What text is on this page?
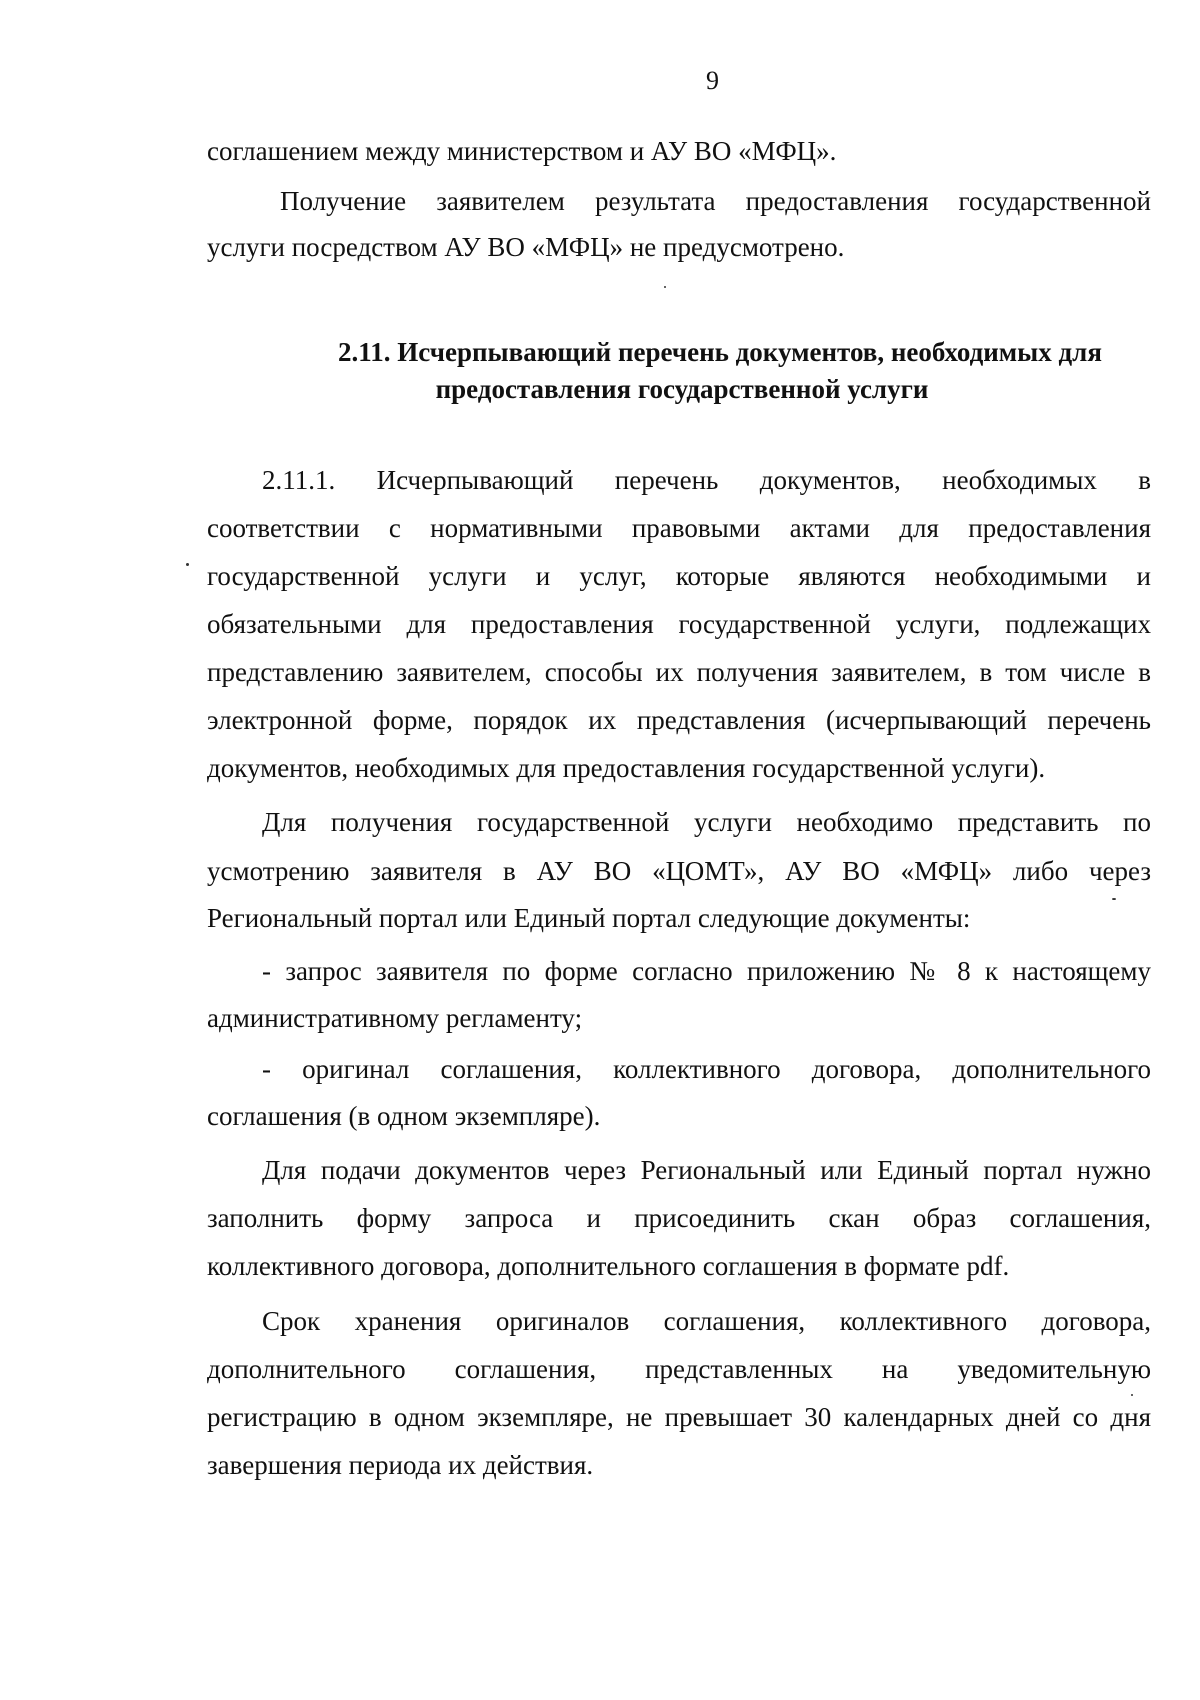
9
соглашением между министерством и АУ ВО «МФЦ».
Получение заявителем результата предоставления государственной
услуги посредством АУ ВО «МФЦ» не предусмотрено.
2.11. Исчерпывающий перечень документов, необходимых для
предоставления государственной услуги
2.11.1. Исчерпывающий перечень документов, необходимых в
соответствии с нормативными правовыми актами для предоставления
государственной услуги и услуг, которые являются необходимыми и
обязательными для предоставления государственной услуги, подлежащих
представлению заявителем, способы их получения заявителем, в том числе в
электронной форме, порядок их представления (исчерпывающий перечень
документов, необходимых для предоставления государственной услуги).
Для получения государственной услуги необходимо представить по
усмотрению заявителя в АУ ВО «ЦОМТ», АУ ВО «МФЦ» либо через
Региональный портал или Единый портал следующие документы:
- запрос заявителя по форме согласно приложению № 8 к настоящему
административному регламенту;
- оригинал соглашения, коллективного договора, дополнительного
соглашения (в одном экземпляре).
Для подачи документов через Региональный или Единый портал нужно
заполнить форму запроса и присоединить скан образ соглашения,
коллективного договора, дополнительного соглашения в формате pdf.
Срок хранения оригиналов соглашения, коллективного договора,
дополнительного соглашения, представленных на уведомительную
регистрацию в одном экземпляре, не превышает 30 календарных дней со дня
завершения периода их действия.
